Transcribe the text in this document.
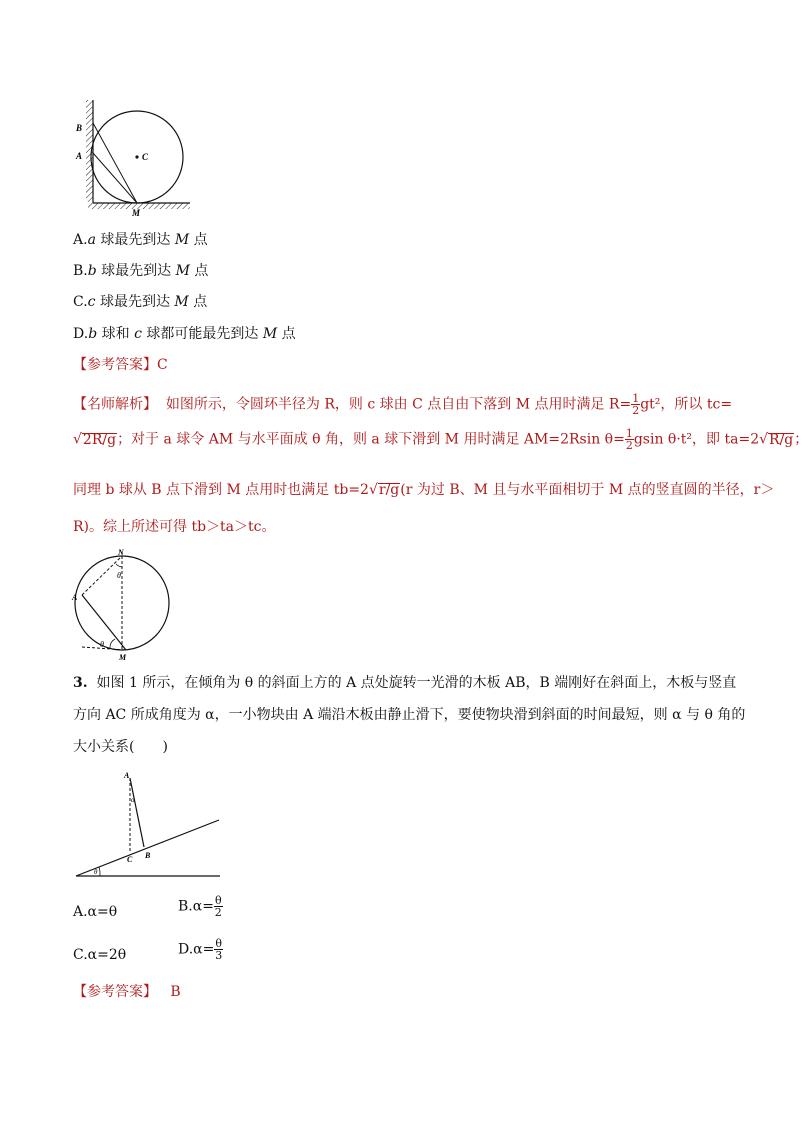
B
A	C
M
A.a 球最先到达 M 点
B.b 球最先到达 M 点
C.c 球最先到达 M 点
D.b 球和 c 球都可能最先到达 M 点
【参考答案】C
【名师解析】 如图所示，令圆环半径为 R，则 c 球由 C 点自由下落到 M 点用时满足 $R= \frac{1}{2} gt^2$，所以 tc=
√2R/g；对于 a 球令 AM 与水平面成 θ 角，则 a 球下滑到 M 用时满足 AM=2Rsin $\theta= \frac{1}{2}$ gsin θ·t²，即 ta=2√R/g；
同理 b 球从 B 点下滑到 M 点用时也满足 tb=2√r/g(r 为过 B、M 且与水平面相切于 M 点的竖直圆的半径，r＞
R)。综上所述可得 tb＞ta＞tc。
N
A
M
θ
θ
3. 如图 1 所示，在倾角为 θ 的斜面上方的 A 点处旋转一光滑的木板 AB，B 端刚好在斜面上，木板与竖直
方向 AC 所成角度为 α，一小物块由 A 端沿木板由静止滑下，要使物块滑到斜面的时间最短，则 α 与 θ 角的
大小关系(　　)
A
α
C B
θ
A.α=θ	$B.\alpha= \frac{\theta}{2}$
C.α=2θ	$D.\alpha= \frac{\theta}{3}$
【参考答案】 B
